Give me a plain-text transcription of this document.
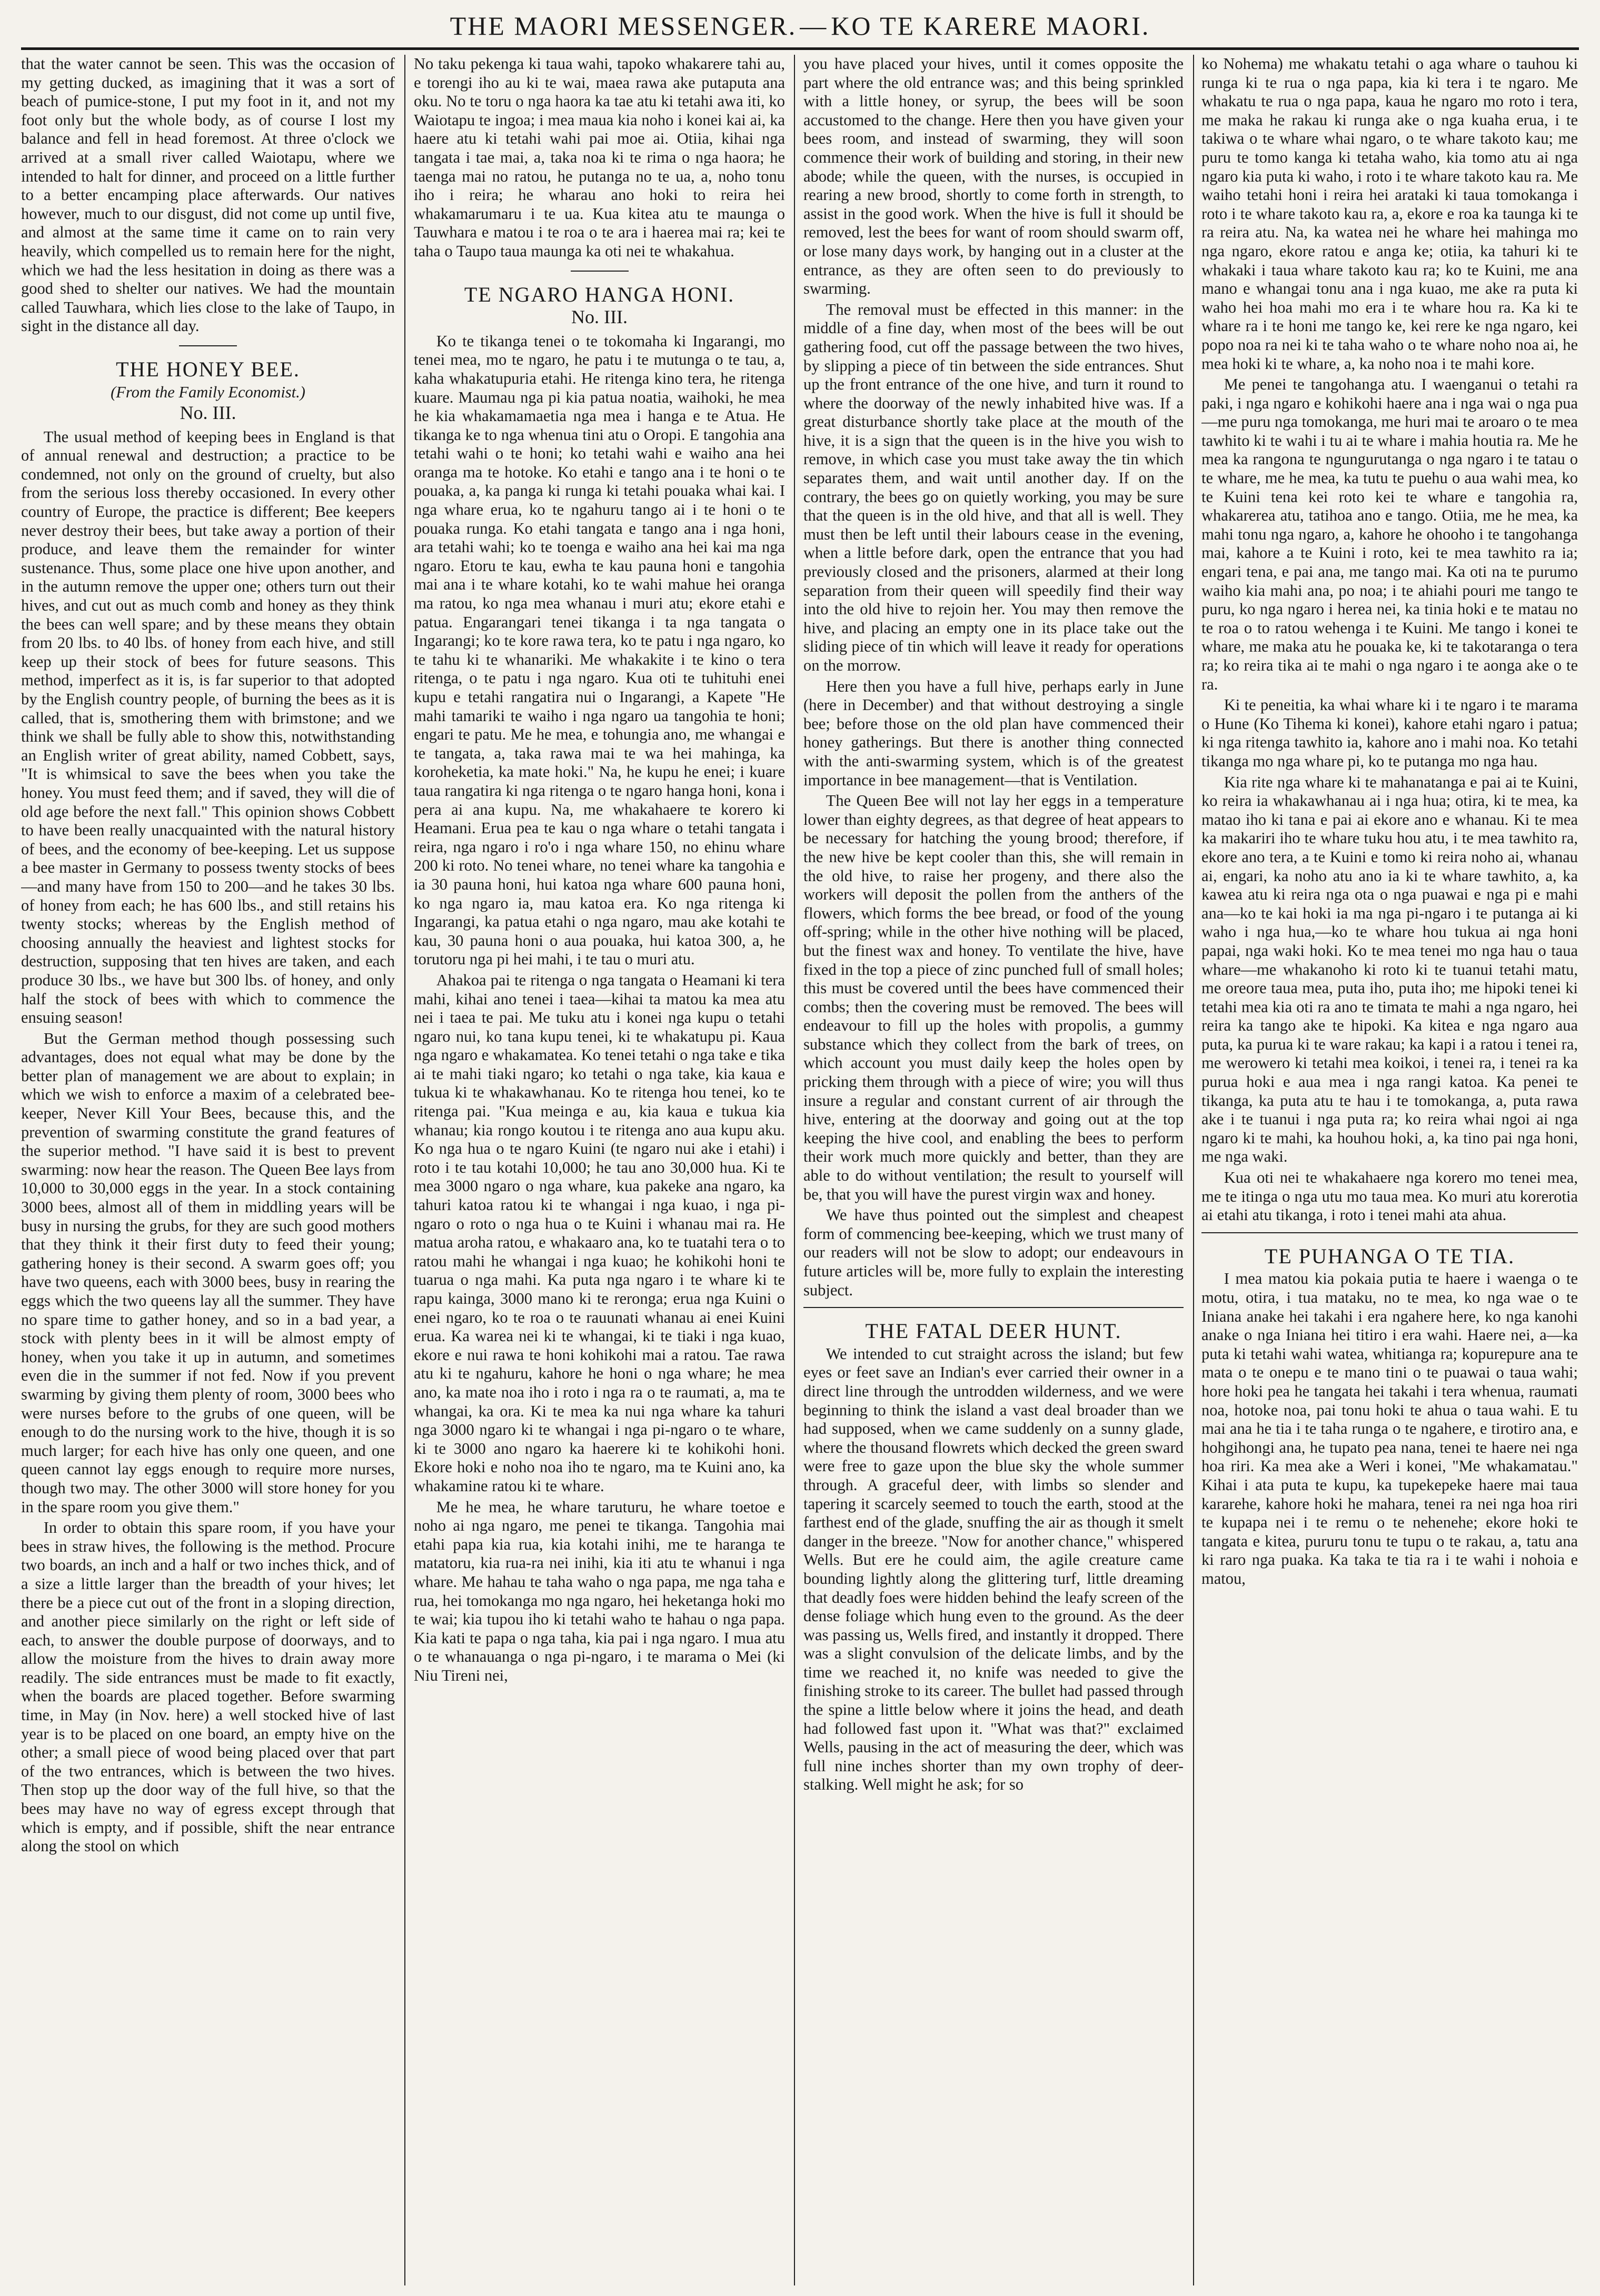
THE MAORI MESSENGER. — KO TE KARERE MAORI.

that the water cannot be seen. This was the occasion of my getting ducked, as imagining that it was a sort of beach of pumice-stone, I put my foot in it, and not my foot only but the whole body, as of course I lost my balance and fell in head foremost. At three o'clock we arrived at a small river called Waiotapu, where we intended to halt for dinner, and proceed on a little further to a better encamping place afterwards. Our natives however, much to our disgust, did not come up until five, and almost at the same time it came on to rain very heavily, which compelled us to remain here for the night, which we had the less hesitation in doing as there was a good shed to shelter our natives. We had the mountain called Tauwhara, which lies close to the lake of Taupo, in sight in the distance all day.

THE HONEY BEE.
(From the Family Economist.)
No. III.

The usual method of keeping bees in England is that of annual renewal and destruction; a practice to be condemned, not only on the ground of cruelty, but also from the serious loss thereby occasioned. In every other country of Europe, the practice is different; Bee keepers never destroy their bees, but take away a portion of their produce, and leave them the remainder for winter sustenance. Thus, some place one hive upon another, and in the autumn remove the upper one; others turn out their hives, and cut out as much comb and honey as they think the bees can well spare; and by these means they obtain from 20 lbs. to 40 lbs. of honey from each hive, and still keep up their stock of bees for future seasons. This method, imperfect as it is, is far superior to that adopted by the English country people, of burning the bees as it is called, that is, smothering them with brimstone; and we think we shall be fully able to show this, notwithstanding an English writer of great ability, named Cobbett, says, "It is whimsical to save the bees when you take the honey. You must feed them; and if saved, they will die of old age before the next fall." This opinion shows Cobbett to have been really unacquainted with the natural history of bees, and the economy of bee-keeping. Let us suppose a bee master in Germany to possess twenty stocks of bees—and many have from 150 to 200—and he takes 30 lbs. of honey from each; he has 600 lbs., and still retains his twenty stocks; whereas by the English method of choosing annually the heaviest and lightest stocks for destruction, supposing that ten hives are taken, and each produce 30 lbs., we have but 300 lbs. of honey, and only half the stock of bees with which to commence the ensuing season!

But the German method though possessing such advantages, does not equal what may be done by the better plan of management we are about to explain; in which we wish to enforce a maxim of a celebrated bee-keeper, Never Kill Your Bees, because this, and the prevention of swarming constitute the grand features of the superior method. "I have said it is best to prevent swarming: now hear the reason. The Queen Bee lays from 10,000 to 30,000 eggs in the year. In a stock containing 3000 bees, almost all of them in middling years will be busy in nursing the grubs, for they are such good mothers that they think it their first duty to feed their young; gathering honey is their second. A swarm goes off; you have two queens, each with 3000 bees, busy in rearing the eggs which the two queens lay all the summer. They have no spare time to gather honey, and so in a bad year, a stock with plenty bees in it will be almost empty of honey, when you take it up in autumn, and sometimes even die in the summer if not fed. Now if you prevent swarming by giving them plenty of room, 3000 bees who were nurses before to the grubs of one queen, will be enough to do the nursing work to the hive, though it is so much larger; for each hive has only one queen, and one queen cannot lay eggs enough to require more nurses, though two may. The other 3000 will store honey for you in the spare room you give them."

In order to obtain this spare room, if you have your bees in straw hives, the following is the method. Procure two boards, an inch and a half or two inches thick, and of a size a little larger than the breadth of your hives; let there be a piece cut out of the front in a sloping direction, and another piece similarly on the right or left side of each, to answer the double purpose of doorways, and to allow the moisture from the hives to drain away more readily. The side entrances must be made to fit exactly, when the boards are placed together. Before swarming time, in May (in Nov. here) a well stocked hive of last year is to be placed on one board, an empty hive on the other; a small piece of wood being placed over that part of the two entrances, which is between the two hives. Then stop up the door way of the full hive, so that the bees may have no way of egress except through that which is empty, and if possible, shift the near entrance along the stool on which

No taku pekenga ki taua wahi, tapoko whakarere tahi au, e torengi iho au ki te wai, maea rawa ake putaputa ana oku. No te toru o nga haora ka tae atu ki tetahi awa iti, ko Waiotapu te ingoa; i mea maua kia noho i konei kai ai, ka haere atu ki tetahi wahi pai moe ai. Otiia, kihai nga tangata i tae mai, a, taka noa ki te rima o nga haora; he taenga mai no ratou, he putanga no te ua, a, noho tonu iho i reira; he wharau ano hoki to reira hei whakamarumaru i te ua. Kua kitea atu te maunga o Tauwhara e matou i te roa o te ara i haerea mai ra; kei te taha o Taupo taua maunga ka oti nei te whakahua.

TE NGARO HANGA HONI.
No. III.

Ko te tikanga tenei o te tokomaha ki Ingarangi, mo tenei mea, mo te ngaro, he patu i te mutunga o te tau, a, kaha whakatupuria etahi. He ritenga kino tera, he ritenga kuare. Maumau nga pi kia patua noatia, waihoki, he mea he kia whakamamaetia nga mea i hanga e te Atua. He tikanga ke to nga whenua tini atu o Oropi. E tangohia ana tetahi wahi o te honi; ko tetahi wahi e waiho ana hei oranga ma te hotoke. Ko etahi e tango ana i te honi o te pouaka, a, ka panga ki runga ki tetahi pouaka whai kai. I nga whare erua, ko te ngahuru tango ai i te honi o te pouaka runga. Ko etahi tangata e tango ana i nga honi, ara tetahi wahi; ko te toenga e waiho ana hei kai ma nga ngaro. Etoru te kau, ewha te kau pauna honi e tangohia mai ana i te whare kotahi, ko te wahi mahue hei oranga ma ratou, ko nga mea whanau i muri atu; ekore etahi e patua. Engarangari tenei tikanga i ta nga tangata o Ingarangi; ko te kore rawa tera, ko te patu i nga ngaro, ko te tahu ki te whanariki. Me whakakite i te kino o tera ritenga, o te patu i nga ngaro. Kua oti te tuhituhi enei kupu e tetahi rangatira nui o Ingarangi, a Kapete "He mahi tamariki te waiho i nga ngaro ua tangohia te honi; engari te patu. Me he mea, e tohungia ano, me whangai e te tangata, a, taka rawa mai te wa hei mahinga, ka koroheketia, ka mate hoki." Na, he kupu he enei; i kuare taua rangatira ki nga ritenga o te ngaro hanga honi, kona i pera ai ana kupu. Na, me whakahaere te korero ki Heamani. Erua pea te kau o nga whare o tetahi tangata i reira, nga ngaro i ro'o i nga whare 150, no ehinu whare 200 ki roto. No tenei whare, no tenei whare ka tangohia e ia 30 pauna honi, hui katoa nga whare 600 pauna honi, ko nga ngaro ia, mau katoa era. Ko nga ritenga ki Ingarangi, ka patua etahi o nga ngaro, mau ake kotahi te kau, 30 pauna honi o aua pouaka, hui katoa 300, a, he torutoru nga pi hei mahi, i te tau o muri atu.

Ahakoa pai te ritenga o nga tangata o Heamani ki tera mahi, kihai ano tenei i taea—kihai ta matou ka mea atu nei i taea te pai. Me tuku atu i konei nga kupu o tetahi ngaro nui, ko tana kupu tenei, ki te whakatupu pi. Kaua nga ngaro e whakamatea. Ko tenei tetahi o nga take e tika ai te mahi tiaki ngaro; ko tetahi o nga take, kia kaua e tukua ki te whakawhanau. Ko te ritenga hou tenei, ko te ritenga pai. "Kua meinga e au, kia kaua e tukua kia whanau; kia rongo koutou i te ritenga ano aua kupu aku. Ko nga hua o te ngaro Kuini (te ngaro nui ake i etahi) i roto i te tau kotahi 10,000; he tau ano 30,000 hua. Ki te mea 3000 ngaro o nga whare, kua pakeke ana ngaro, ka tahuri katoa ratou ki te whangai i nga kuao, i nga pi-ngaro o roto o nga hua o te Kuini i whanau mai ra. He matua aroha ratou, e whakaaro ana, ko te tuatahi tera o to ratou mahi he whangai i nga kuao; he kohikohi honi te tuarua o nga mahi. Ka puta nga ngaro i te whare ki te rapu kainga, 3000 mano ki te reronga; erua nga Kuini o enei ngaro, ko te roa o te rauunati whanau ai enei Kuini erua. Ka warea nei ki te whangai, ki te tiaki i nga kuao, ekore e nui rawa te honi kohikohi mai a ratou. Tae rawa atu ki te ngahuru, kahore he honi o nga whare; he mea ano, ka mate noa iho i roto i nga ra o te raumati, a, ma te whangai, ka ora. Ki te mea ka nui nga whare ka tahuri nga 3000 ngaro ki te whangai i nga pi-ngaro o te whare, ki te 3000 ano ngaro ka haerere ki te kohikohi honi. Ekore hoki e noho noa iho te ngaro, ma te Kuini ano, ka whakamine ratou ki te whare.

Me he mea, he whare taruturu, he whare toetoe e noho ai nga ngaro, me penei te tikanga. Tangohia mai etahi papa kia rua, kia kotahi inihi, me te haranga te matatoru, kia rua-ra nei inihi, kia iti atu te whanui i nga whare. Me hahau te taha waho o nga papa, me nga taha e rua, hei tomokanga mo nga ngaro, hei heketanga hoki mo te wai; kia tupou iho ki tetahi waho te hahau o nga papa. Kia kati te papa o nga taha, kia pai i nga ngaro. I mua atu o te whanauanga o nga pi-ngaro, i te marama o Mei (ki Niu Tireni nei,

you have placed your hives, until it comes opposite the part where the old entrance was; and this being sprinkled with a little honey, or syrup, the bees will be soon accustomed to the change. Here then you have given your bees room, and instead of swarming, they will soon commence their work of building and storing, in their new abode; while the queen, with the nurses, is occupied in rearing a new brood, shortly to come forth in strength, to assist in the good work. When the hive is full it should be removed, lest the bees for want of room should swarm off, or lose many days work, by hanging out in a cluster at the entrance, as they are often seen to do previously to swarming.

The removal must be effected in this manner: in the middle of a fine day, when most of the bees will be out gathering food, cut off the passage between the two hives, by slipping a piece of tin between the side entrances. Shut up the front entrance of the one hive, and turn it round to where the doorway of the newly inhabited hive was. If a great disturbance shortly take place at the mouth of the hive, it is a sign that the queen is in the hive you wish to remove, in which case you must take away the tin which separates them, and wait until another day. If on the contrary, the bees go on quietly working, you may be sure that the queen is in the old hive, and that all is well. They must then be left until their labours cease in the evening, when a little before dark, open the entrance that you had previously closed and the prisoners, alarmed at their long separation from their queen will speedily find their way into the old hive to rejoin her. You may then remove the hive, and placing an empty one in its place take out the sliding piece of tin which will leave it ready for operations on the morrow.

Here then you have a full hive, perhaps early in June (here in December) and that without destroying a single bee; before those on the old plan have commenced their honey gatherings. But there is another thing connected with the anti-swarming system, which is of the greatest importance in bee management—that is Ventilation.

The Queen Bee will not lay her eggs in a temperature lower than eighty degrees, as that degree of heat appears to be necessary for hatching the young brood; therefore, if the new hive be kept cooler than this, she will remain in the old hive, to raise her progeny, and there also the workers will deposit the pollen from the anthers of the flowers, which forms the bee bread, or food of the young off-spring; while in the other hive nothing will be placed, but the finest wax and honey. To ventilate the hive, have fixed in the top a piece of zinc punched full of small holes; this must be covered until the bees have commenced their combs; then the covering must be removed. The bees will endeavour to fill up the holes with propolis, a gummy substance which they collect from the bark of trees, on which account you must daily keep the holes open by pricking them through with a piece of wire; you will thus insure a regular and constant current of air through the hive, entering at the doorway and going out at the top keeping the hive cool, and enabling the bees to perform their work much more quickly and better, than they are able to do without ventilation; the result to yourself will be, that you will have the purest virgin wax and honey.

We have thus pointed out the simplest and cheapest form of commencing bee-keeping, which we trust many of our readers will not be slow to adopt; our endeavours in future articles will be, more fully to explain the interesting subject.

THE FATAL DEER HUNT.

We intended to cut straight across the island; but few eyes or feet save an Indian's ever carried their owner in a direct line through the untrodden wilderness, and we were beginning to think the island a vast deal broader than we had supposed, when we came suddenly on a sunny glade, where the thousand flowrets which decked the green sward were free to gaze upon the blue sky the whole summer through. A graceful deer, with limbs so slender and tapering it scarcely seemed to touch the earth, stood at the farthest end of the glade, snuffing the air as though it smelt danger in the breeze. "Now for another chance," whispered Wells. But ere he could aim, the agile creature came bounding lightly along the glittering turf, little dreaming that deadly foes were hidden behind the leafy screen of the dense foliage which hung even to the ground. As the deer was passing us, Wells fired, and instantly it dropped. There was a slight convulsion of the delicate limbs, and by the time we reached it, no knife was needed to give the finishing stroke to its career. The bullet had passed through the spine a little below where it joins the head, and death had followed fast upon it. "What was that?" exclaimed Wells, pausing in the act of measuring the deer, which was full nine inches shorter than my own trophy of deer-stalking. Well might he ask; for so

ko Nohema) me whakatu tetahi o aga whare o tauhou ki runga ki te rua o nga papa, kia ki tera i te ngaro. Me whakatu te rua o nga papa, kaua he ngaro mo roto i tera, me maka he rakau ki runga ake o nga kuaha erua, i te takiwa o te whare whai ngaro, o te whare takoto kau; me puru te tomo kanga ki tetaha waho, kia tomo atu ai nga ngaro kia puta ki waho, i roto i te whare takoto kau ra. Me waiho tetahi honi i reira hei arataki ki taua tomokanga i roto i te whare takoto kau ra, a, ekore e roa ka taunga ki te ra reira atu. Na, ka watea nei he whare hei mahinga mo nga ngaro, ekore ratou e anga ke; otiia, ka tahuri ki te whakaki i taua whare takoto kau ra; ko te Kuini, me ana mano e whangai tonu ana i nga kuao, me ake ra puta ki waho hei hoa mahi mo era i te whare hou ra. Ka ki te whare ra i te honi me tango ke, kei rere ke nga ngaro, kei popo noa ra nei ki te taha waho o te whare noho noa ai, he mea hoki ki te whare, a, ka noho noa i te mahi kore.

Me penei te tangohanga atu. I waenganui o tetahi ra paki, i nga ngaro e kohikohi haere ana i nga wai o nga pua—me puru nga tomokanga, me huri mai te aroaro o te mea tawhito ki te wahi i tu ai te whare i mahia houtia ra. Me he mea ka rangona te ngungurutanga o nga ngaro i te tatau o te whare, me he mea, ka tutu te puehu o aua wahi mea, ko te Kuini tena kei roto kei te whare e tangohia ra, whakarerea atu, tatihoa ano e tango. Otiia, me he mea, ka mahi tonu nga ngaro, a, kahore he ohooho i te tangohanga mai, kahore a te Kuini i roto, kei te mea tawhito ra ia; engari tena, e pai ana, me tango mai. Ka oti na te purumo waiho kia mahi ana, po noa; i te ahiahi pouri me tango te puru, ko nga ngaro i herea nei, ka tinia hoki e te matau no te roa o to ratou wehenga i te Kuini. Me tango i konei te whare, me maka atu he pouaka ke, ki te takotaranga o tera ra; ko reira tika ai te mahi o nga ngaro i te aonga ake o te ra.

Ki te peneitia, ka whai whare ki i te ngaro i te marama o Hune (Ko Tihema ki konei), kahore etahi ngaro i patua; ki nga ritenga tawhito ia, kahore ano i mahi noa. Ko tetahi tikanga mo nga whare pi, ko te putanga mo nga hau.

Kia rite nga whare ki te mahanatanga e pai ai te Kuini, ko reira ia whakawhanau ai i nga hua; otira, ki te mea, ka matao iho ki tana e pai ai ekore ano e whanau. Ki te mea ka makariri iho te whare tuku hou atu, i te mea tawhito ra, ekore ano tera, a te Kuini e tomo ki reira noho ai, whanau ai, engari, ka noho atu ano ia ki te whare tawhito, a, ka kawea atu ki reira nga ota o nga puawai e nga pi e mahi ana—ko te kai hoki ia ma nga pi-ngaro i te putanga ai ki waho i nga hua,—ko te whare hou tukua ai nga honi papai, nga waki hoki. Ko te mea tenei mo nga hau o taua whare—me whakanoho ki roto ki te tuanui tetahi matu, me oreore taua mea, puta iho, puta iho; me hipoki tenei ki tetahi mea kia oti ra ano te timata te mahi a nga ngaro, hei reira ka tango ake te hipoki. Ka kitea e nga ngaro aua puta, ka purua ki te ware rakau; ka kapi i a ratou i tenei ra, me werowero ki tetahi mea koikoi, i tenei ra, i tenei ra ka purua hoki e aua mea i nga rangi katoa. Ka penei te tikanga, ka puta atu te hau i te tomokanga, a, puta rawa ake i te tuanui i nga puta ra; ko reira whai ngoi ai nga ngaro ki te mahi, ka houhou hoki, a, ka tino pai nga honi, me nga waki.

Kua oti nei te whakahaere nga korero mo tenei mea, me te itinga o nga utu mo taua mea. Ko muri atu korerotia ai etahi atu tikanga, i roto i tenei mahi ata ahua.

TE PUHANGA O TE TIA.

I mea matou kia pokaia putia te haere i waenga o te motu, otira, i tua mataku, no te mea, ko nga wae o te Iniana anake hei takahi i era ngahere here, ko nga kanohi anake o nga Iniana hei titiro i era wahi. Haere nei, a—ka puta ki tetahi wahi watea, whitianga ra; kopurepure ana te mata o te onepu e te mano tini o te puawai o taua wahi; hore hoki pea he tangata hei takahi i tera whenua, raumati noa, hotoke noa, pai tonu hoki te ahua o taua wahi. E tu mai ana he tia i te taha runga o te ngahere, e tirotiro ana, e hohgihongi ana, he tupato pea nana, tenei te haere nei nga hoa riri. Ka mea ake a Weri i konei, "Me whakamatau." Kihai i ata puta te kupu, ka tupekepeke haere mai taua kararehe, kahore hoki he mahara, tenei ra nei nga hoa riri te kupapa nei i te remu o te nehenehe; ekore hoki te tangata e kitea, pururu tonu te tupu o te rakau, a, tatu ana ki raro nga puaka. Ka taka te tia ra i te wahi i nohoia e matou,
